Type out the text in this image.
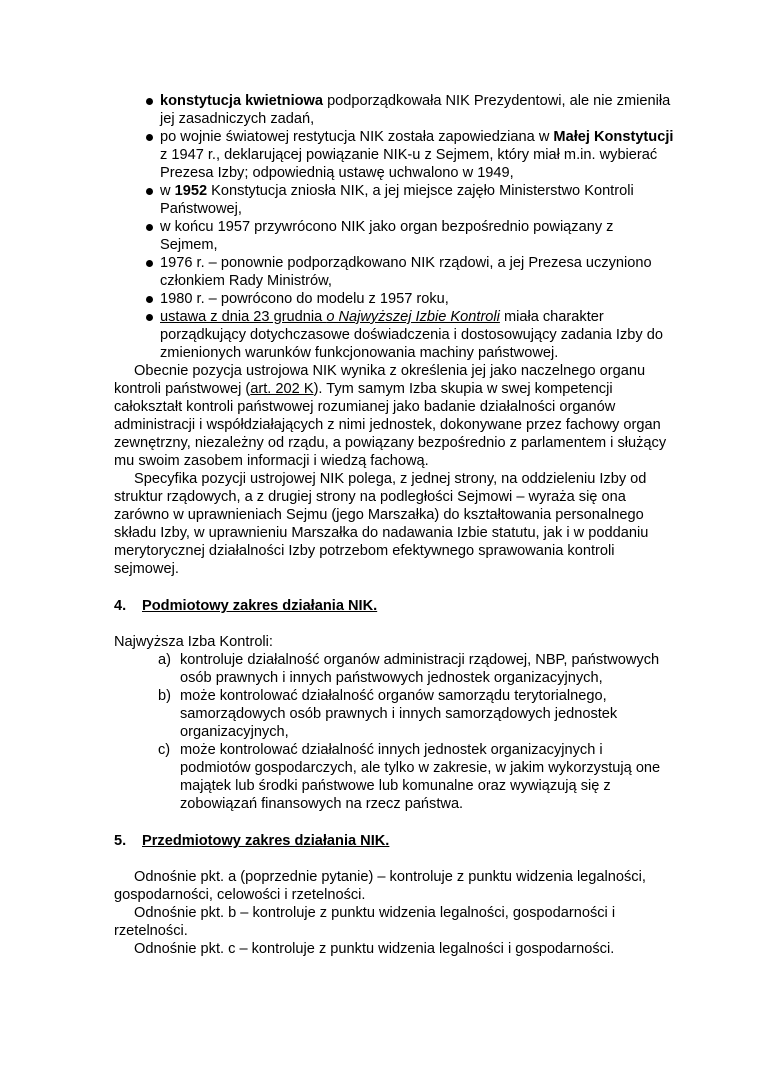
konstytucja kwietniowa podporządkowała NIK Prezydentowi, ale nie zmieniła jej zasadniczych zadań,
po wojnie światowej restytucja NIK została zapowiedziana w Małej Konstytucji z 1947 r., deklarującej powiązanie NIK-u z Sejmem, który miał m.in. wybierać Prezesa Izby; odpowiednią ustawę uchwalono w 1949,
w 1952 Konstytucja zniosła NIK, a jej miejsce zajęło Ministerstwo Kontroli Państwowej,
w końcu 1957 przywrócono NIK jako organ bezpośrednio powiązany z Sejmem,
1976 r. – ponownie podporządkowano NIK rządowi, a jej Prezesa uczyniono członkiem Rady Ministrów,
1980 r. – powrócono do modelu z 1957 roku,
ustawa z dnia 23 grudnia o Najwyższej Izbie Kontroli miała charakter porządkujący dotychczasowe doświadczenia i dostosowujący zadania Izby do zmienionych warunków funkcjonowania machiny państwowej.

Obecnie pozycja ustrojowa NIK wynika z określenia jej jako naczelnego organu kontroli państwowej (art. 202 K). Tym samym Izba skupia w swej kompetencji całokształt kontroli państwowej rozumianej jako badanie działalności organów administracji i współdziałających z nimi jednostek, dokonywane przez fachowy organ zewnętrzny, niezależny od rządu, a powiązany bezpośrednio z parlamentem i służący mu swoim zasobem informacji i wiedzą fachową.

Specyfika pozycji ustrojowej NIK polega, z jednej strony, na oddzieleniu Izby od struktur rządowych, a z drugiej strony na podległości Sejmowi – wyraża się ona zarówno w uprawnieniach Sejmu (jego Marszałka) do kształtowania personalnego składu Izby, w uprawnieniu Marszałka do nadawania Izbie statutu, jak i w poddaniu merytorycznej działalności Izby potrzebom efektywnego sprawowania kontroli sejmowej.

4. Podmiotowy zakres działania NIK.

Najwyższa Izba Kontroli:

a) kontroluje działalność organów administracji rządowej, NBP, państwowych osób prawnych i innych państwowych jednostek organizacyjnych,
b) może kontrolować działalność organów samorządu terytorialnego, samorządowych osób prawnych i innych samorządowych jednostek organizacyjnych,
c) może kontrolować działalność innych jednostek organizacyjnych i podmiotów gospodarczych, ale tylko w zakresie, w jakim wykorzystują one majątek lub środki państwowe lub komunalne oraz wywiązują się z zobowiązań finansowych na rzecz państwa.
5. Przedmiotowy zakres działania NIK.

Odnośnie pkt. a (poprzednie pytanie) – kontroluje z punktu widzenia legalności, gospodarności, celowości i rzetelności.

Odnośnie pkt. b – kontroluje z punktu widzenia legalności, gospodarności i rzetelności.

Odnośnie pkt. c – kontroluje z punktu widzenia legalności i gospodarności.
